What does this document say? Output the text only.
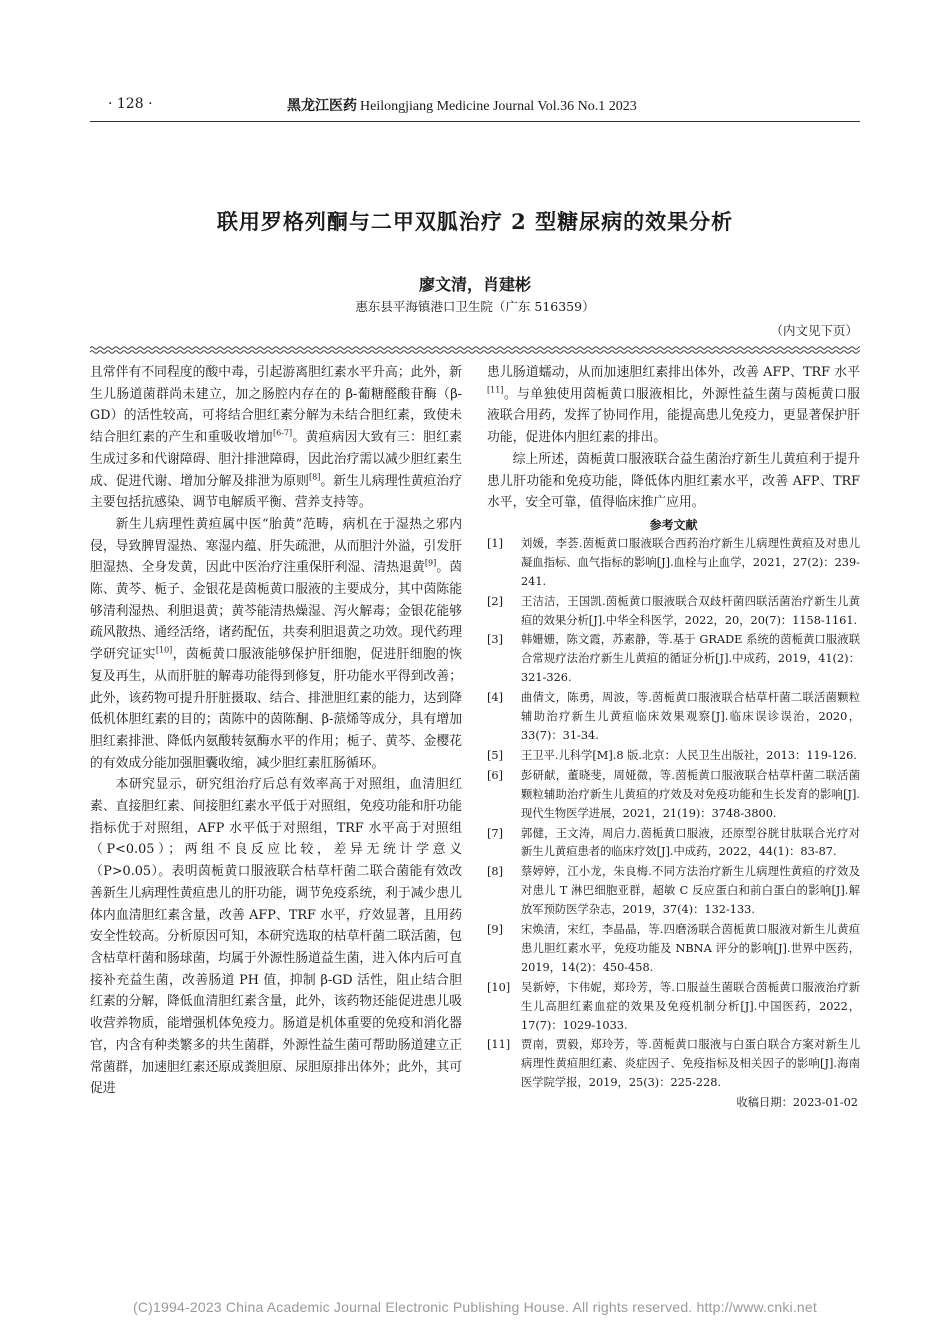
· 128 ·	黑龙江医药 Heilongjiang Medicine Journal Vol.36 No.1 2023
联用罗格列酮与二甲双胍治疗 2 型糖尿病的效果分析
廖文清，肖建彬
惠东县平海镇港口卫生院（广东 516359）
（内文见下页）

且常伴有不同程度的酸中毒，引起游离胆红素水平升高；此外，新生儿肠道菌群尚未建立，加之肠腔内存在的 β-葡糖醛酸苷酶（β-GD）的活性较高，可将结合胆红素分解为未结合胆红素，致使未结合胆红素的产生和重吸收增加[6-7]。黄疸病因大致有三：胆红素生成过多和代谢障碍、胆汁排泄障碍，因此治疗需以减少胆红素生成、促进代谢、增加分解及排泄为原则[8]。新生儿病理性黄疸治疗主要包括抗感染、调节电解质平衡、营养支持等。

新生儿病理性黄疸属中医“胎黄”范畴，病机在于湿热之邪内侵，导致脾胃湿热、寒湿内蕴、肝失疏泄，从而胆汁外溢，引发肝胆湿热、全身发黄，因此中医治疗注重保肝利湿、清热退黄[9]。茵陈、黄芩、栀子、金银花是茵栀黄口服液的主要成分，其中茵陈能够清利湿热、利胆退黄；黄芩能清热燥湿、泻火解毒；金银花能够疏风散热、通经活络，诸药配伍，共奏利胆退黄之功效。现代药理学研究证实[10]，茵栀黄口服液能够保护肝细胞，促进肝细胞的恢复及再生，从而肝脏的解毒功能得到修复，肝功能水平得到改善；此外，该药物可提升肝脏摄取、结合、排泄胆红素的能力，达到降低机体胆红素的目的；茵陈中的茵陈酮、β-蒎烯等成分，具有增加胆红素排泄、降低内氨酸转氨酶水平的作用；栀子、黄芩、金樱花的有效成分能加强胆囊收缩，减少胆红素肛肠循环。

本研究显示，研究组治疗后总有效率高于对照组，血清胆红素、直接胆红素、间接胆红素水平低于对照组，免疫功能和肝功能指标优于对照组，AFP 水平低于对照组，TRF 水平高于对照组（P<0.05）；两组不良反应比较，差异无统计学意义（P>0.05）。表明茵栀黄口服液联合枯草杆菌二联合菌能有效改善新生儿病理性黄疸患儿的肝功能，调节免疫系统，利于减少患儿体内血清胆红素含量，改善 AFP、TRF 水平，疗效显著，且用药安全性较高。分析原因可知，本研究选取的枯草杆菌二联活菌，包含枯草杆菌和肠球菌，均属于外源性肠道益生菌，进入体内后可直接补充益生菌，改善肠道 PH 值，抑制 β-GD 活性，阻止结合胆红素的分解，降低血清胆红素含量，此外，该药物还能促进患儿吸收营养物质，能增强机体免疫力。肠道是机体重要的免疫和消化器官，内含有种类繁多的共生菌群，外源性益生菌可帮助肠道建立正常菌群，加速胆红素还原成粪胆原、尿胆原排出体外；此外，其可促进

患儿肠道蠕动，从而加速胆红素排出体外，改善 AFP、TRF 水平[11]。与单独使用茵栀黄口服液相比，外源性益生菌与茵栀黄口服液联合用药，发挥了协同作用，能提高患儿免疫力，更显著保护肝功能，促进体内胆红素的排出。

综上所述，茵栀黄口服液联合益生菌治疗新生儿黄疸利于提升患儿肝功能和免疫功能，降低体内胆红素水平，改善 AFP、TRF 水平，安全可靠，值得临床推广应用。

参考文献
[1]	刘媛，李荟.茵栀黄口服液联合西药治疗新生儿病理性黄疸及对患儿凝血指标、血气指标的影响[J].血栓与止血学，2021，27(2)：239-241.
[2]	王洁洁，王国凯.茵栀黄口服液联合双歧杆菌四联活菌治疗新生儿黄疸的效果分析[J].中华全科医学，2022，20，20(7)：1158-1161.
[3]	韩姗姗，陈文霞，苏素静，等.基于 GRADE 系统的茵栀黄口服液联合常规疗法治疗新生儿黄疸的循证分析[J].中成药，2019，41(2)：321-326.
[4]	曲倩文，陈勇，周波，等.茵栀黄口服液联合枯草杆菌二联活菌颗粒辅助治疗新生儿黄疸临床效果观察[J].临床误诊误治，2020，33(7)：31-34.
[5]	王卫平.儿科学[M].8 版.北京：人民卫生出版社，2013：119-126.
[6]	彭研献，董晓斐，周娅微，等.茵栀黄口服液联合枯草杆菌二联活菌颗粒辅助治疗新生儿黄疸的疗效及对免疫功能和生长发育的影响[J].现代生物医学进展，2021，21(19)：3748-3800.
[7]	郭健，王文涛，周启力.茵栀黄口服液，还原型谷胱甘肽联合光疗对新生儿黄疸患者的临床疗效[J].中成药，2022，44(1)：83-87.
[8]	蔡婷婷，江小龙，朱良梅.不同方法治疗新生儿病理性黄疸的疗效及对患儿 T 淋巴细胞亚群，超敏 C 反应蛋白和前白蛋白的影响[J].解放军预防医学杂志，2019，37(4)：132-133.
[9]	宋焕清，宋红，李晶晶，等.四磨汤联合茵栀黄口服液对新生儿黄疸患儿胆红素水平，免疫功能及 NBNA 评分的影响[J].世界中医药，2019，14(2)：450-458.
[10] 吴新婷，卞伟妮，郑玲芳，等.口服益生菌联合茵栀黄口服液治疗新生儿高胆红素血症的效果及免疫机制分析[J].中国医药，2022，17(7)：1029-1033.
[11] 贾南，贾毅，郑玲芳，等.茵栀黄口服液与白蛋白联合方案对新生儿病理性黄疸胆红素、炎症因子、免疫指标及相关因子的影响[J].海南医学院学报，2019，25(3)：225-228.
收稿日期：2023-01-02
(C)1994-2023 China Academic Journal Electronic Publishing House. All rights reserved. http://www.cnki.net
